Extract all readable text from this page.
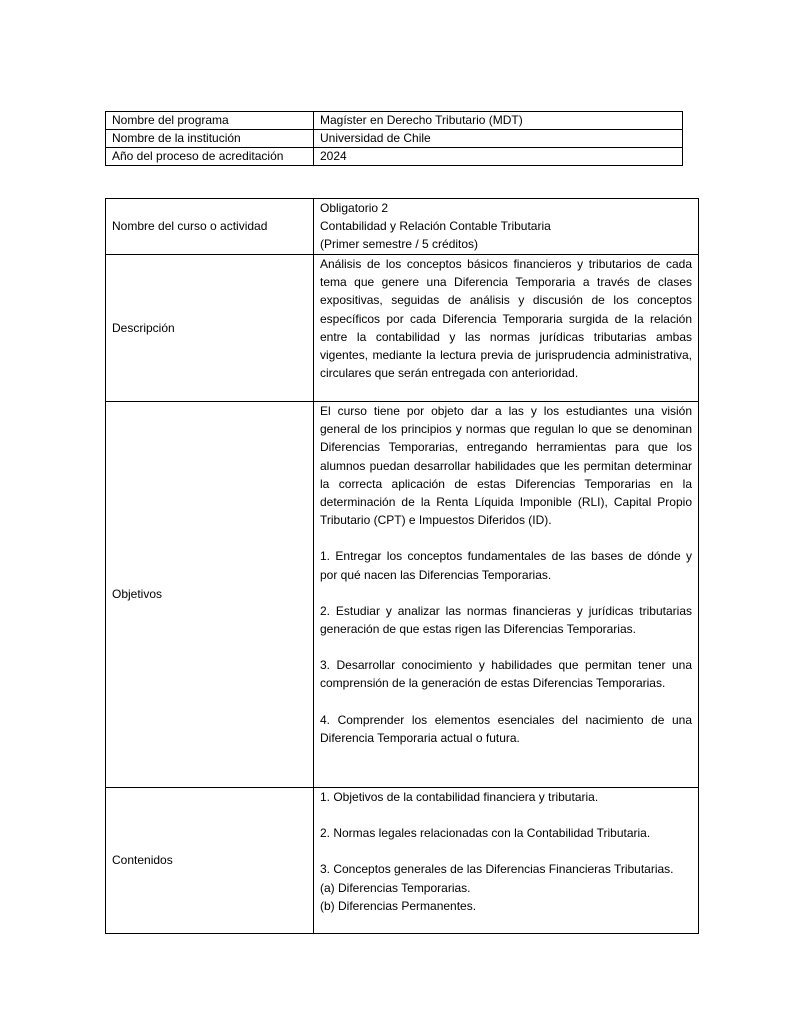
Nombre del programa	Magíster en Derecho Tributario (MDT)
Nombre de la institución	Universidad de Chile
Año del proceso de acreditación	2024
Nombre del curso o actividad	Obligatorio 2
Contabilidad y Relación Contable Tributaria
(Primer semestre / 5 créditos)

Descripción	Análisis de los conceptos básicos financieros y tributarios de cada tema que genere una Diferencia Temporaria a través de clases expositivas, seguidas de análisis y discusión de los conceptos específicos por cada Diferencia Temporaria surgida de la relación entre la contabilidad y las normas jurídicas tributarias ambas vigentes, mediante la lectura previa de jurisprudencia administrativa, circulares que serán entregada con anterioridad.

Objetivos	El curso tiene por objeto dar a las y los estudiantes una visión general de los principios y normas que regulan lo que se denominan Diferencias Temporarias, entregando herramientas para que los alumnos puedan desarrollar habilidades que les permitan determinar la correcta aplicación de estas Diferencias Temporarias en la determinación de la Renta Líquida Imponible (RLI), Capital Propio Tributario (CPT) e Impuestos Diferidos (ID).

1. Entregar los conceptos fundamentales de las bases de dónde y por qué nacen las Diferencias Temporarias.

2. Estudiar y analizar las normas financieras y jurídicas tributarias generación de que estas rigen las Diferencias Temporarias.

3. Desarrollar conocimiento y habilidades que permitan tener una comprensión de la generación de estas Diferencias Temporarias.

4. Comprender los elementos esenciales del nacimiento de una Diferencia Temporaria actual o futura.

Contenidos	1. Objetivos de la contabilidad financiera y tributaria.

2. Normas legales relacionadas con la Contabilidad Tributaria.

3. Conceptos generales de las Diferencias Financieras Tributarias.

(a) Diferencias Temporarias.

(b) Diferencias Permanentes.
